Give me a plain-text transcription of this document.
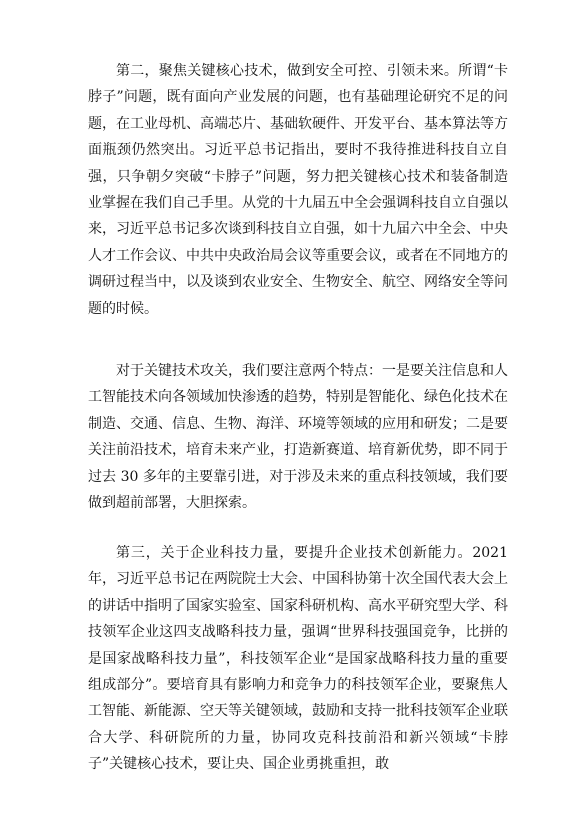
第二，聚焦关键核心技术，做到安全可控、引领未来。所谓“卡脖子”问题，既有面向产业发展的问题，也有基础理论研究不足的问题，在工业母机、高端芯片、基础软硬件、开发平台、基本算法等方面瓶颈仍然突出。习近平总书记指出，要时不我待推进科技自立自强，只争朝夕突破“卡脖子”问题，努力把关键核心技术和装备制造业掌握在我们自己手里。从党的十九届五中全会强调科技自立自强以来，习近平总书记多次谈到科技自立自强，如十九届六中全会、中央人才工作会议、中共中央政治局会议等重要会议，或者在不同地方的调研过程当中，以及谈到农业安全、生物安全、航空、网络安全等问题的时候。

对于关键技术攻关，我们要注意两个特点：一是要关注信息和人工智能技术向各领域加快渗透的趋势，特别是智能化、绿色化技术在制造、交通、信息、生物、海洋、环境等领域的应用和研发；二是要关注前沿技术，培育未来产业，打造新赛道、培育新优势，即不同于过去 30 多年的主要靠引进，对于涉及未来的重点科技领域，我们要做到超前部署，大胆探索。

第三，关于企业科技力量，要提升企业技术创新能力。2021 年，习近平总书记在两院院士大会、中国科协第十次全国代表大会上的讲话中指明了国家实验室、国家科研机构、高水平研究型大学、科技领军企业这四支战略科技力量，强调“世界科技强国竞争，比拼的是国家战略科技力量”，科技领军企业“是国家战略科技力量的重要组成部分”。要培育具有影响力和竞争力的科技领军企业，要聚焦人工智能、新能源、空天等关键领域，鼓励和支持一批科技领军企业联合大学、科研院所的力量，协同攻克科技前沿和新兴领域“卡脖子”关键核心技术，要让央、国企业勇挑重担，敢
